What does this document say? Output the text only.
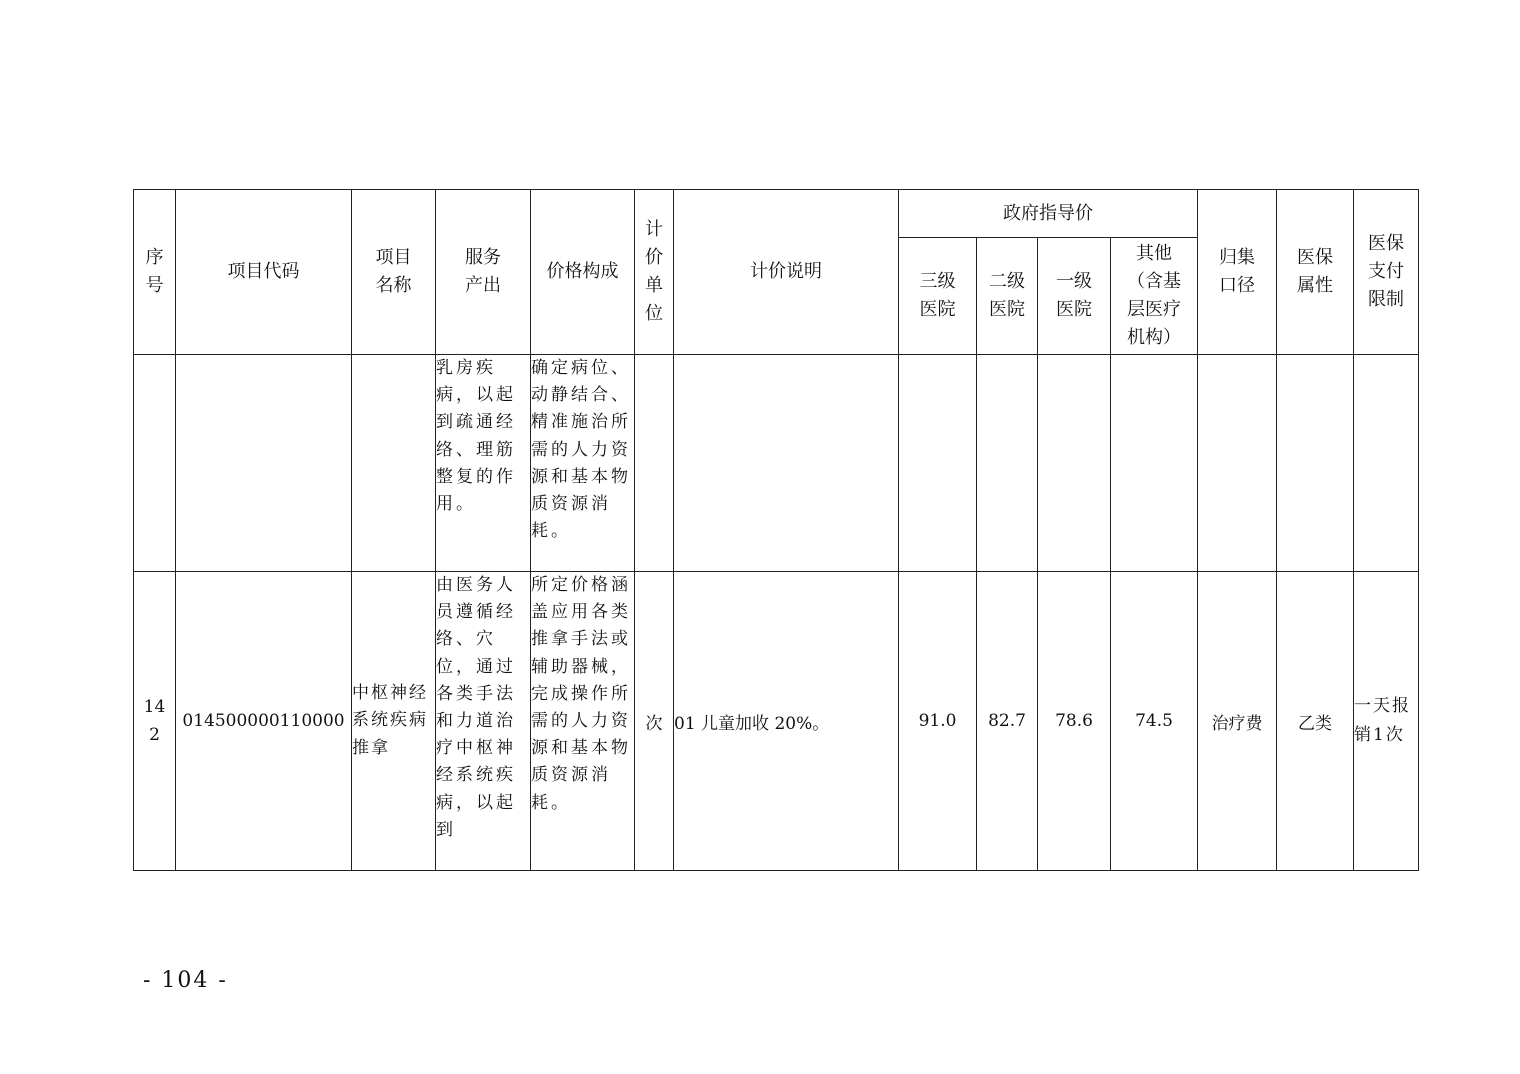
序号	项目代码	项目名称	服务产出	价格构成	计价单位	计价说明	政府指导价				归集口径	医保属性	医保支付限制
							三级医院	二级医院	一级医院	其他（含基层医疗机构）			
			乳房疾病，以起到疏通经络、理筋整复的作用。	确定病位、动静结合、精准施治所需的人力资源和基本物质资源消耗。									
142	014500000110000	中枢神经系统疾病推拿	由医务人员遵循经络、穴位，通过各类手法和力道治疗中枢神经系统疾病，以起到	所定价格涵盖应用各类推拿手法或辅助器械，完成操作所需的人力资源和基本物质资源消耗。	次	01 儿童加收 20%。	91.0	82.7	78.6	74.5	治疗费	乙类	一天报销1次
- 104 -
